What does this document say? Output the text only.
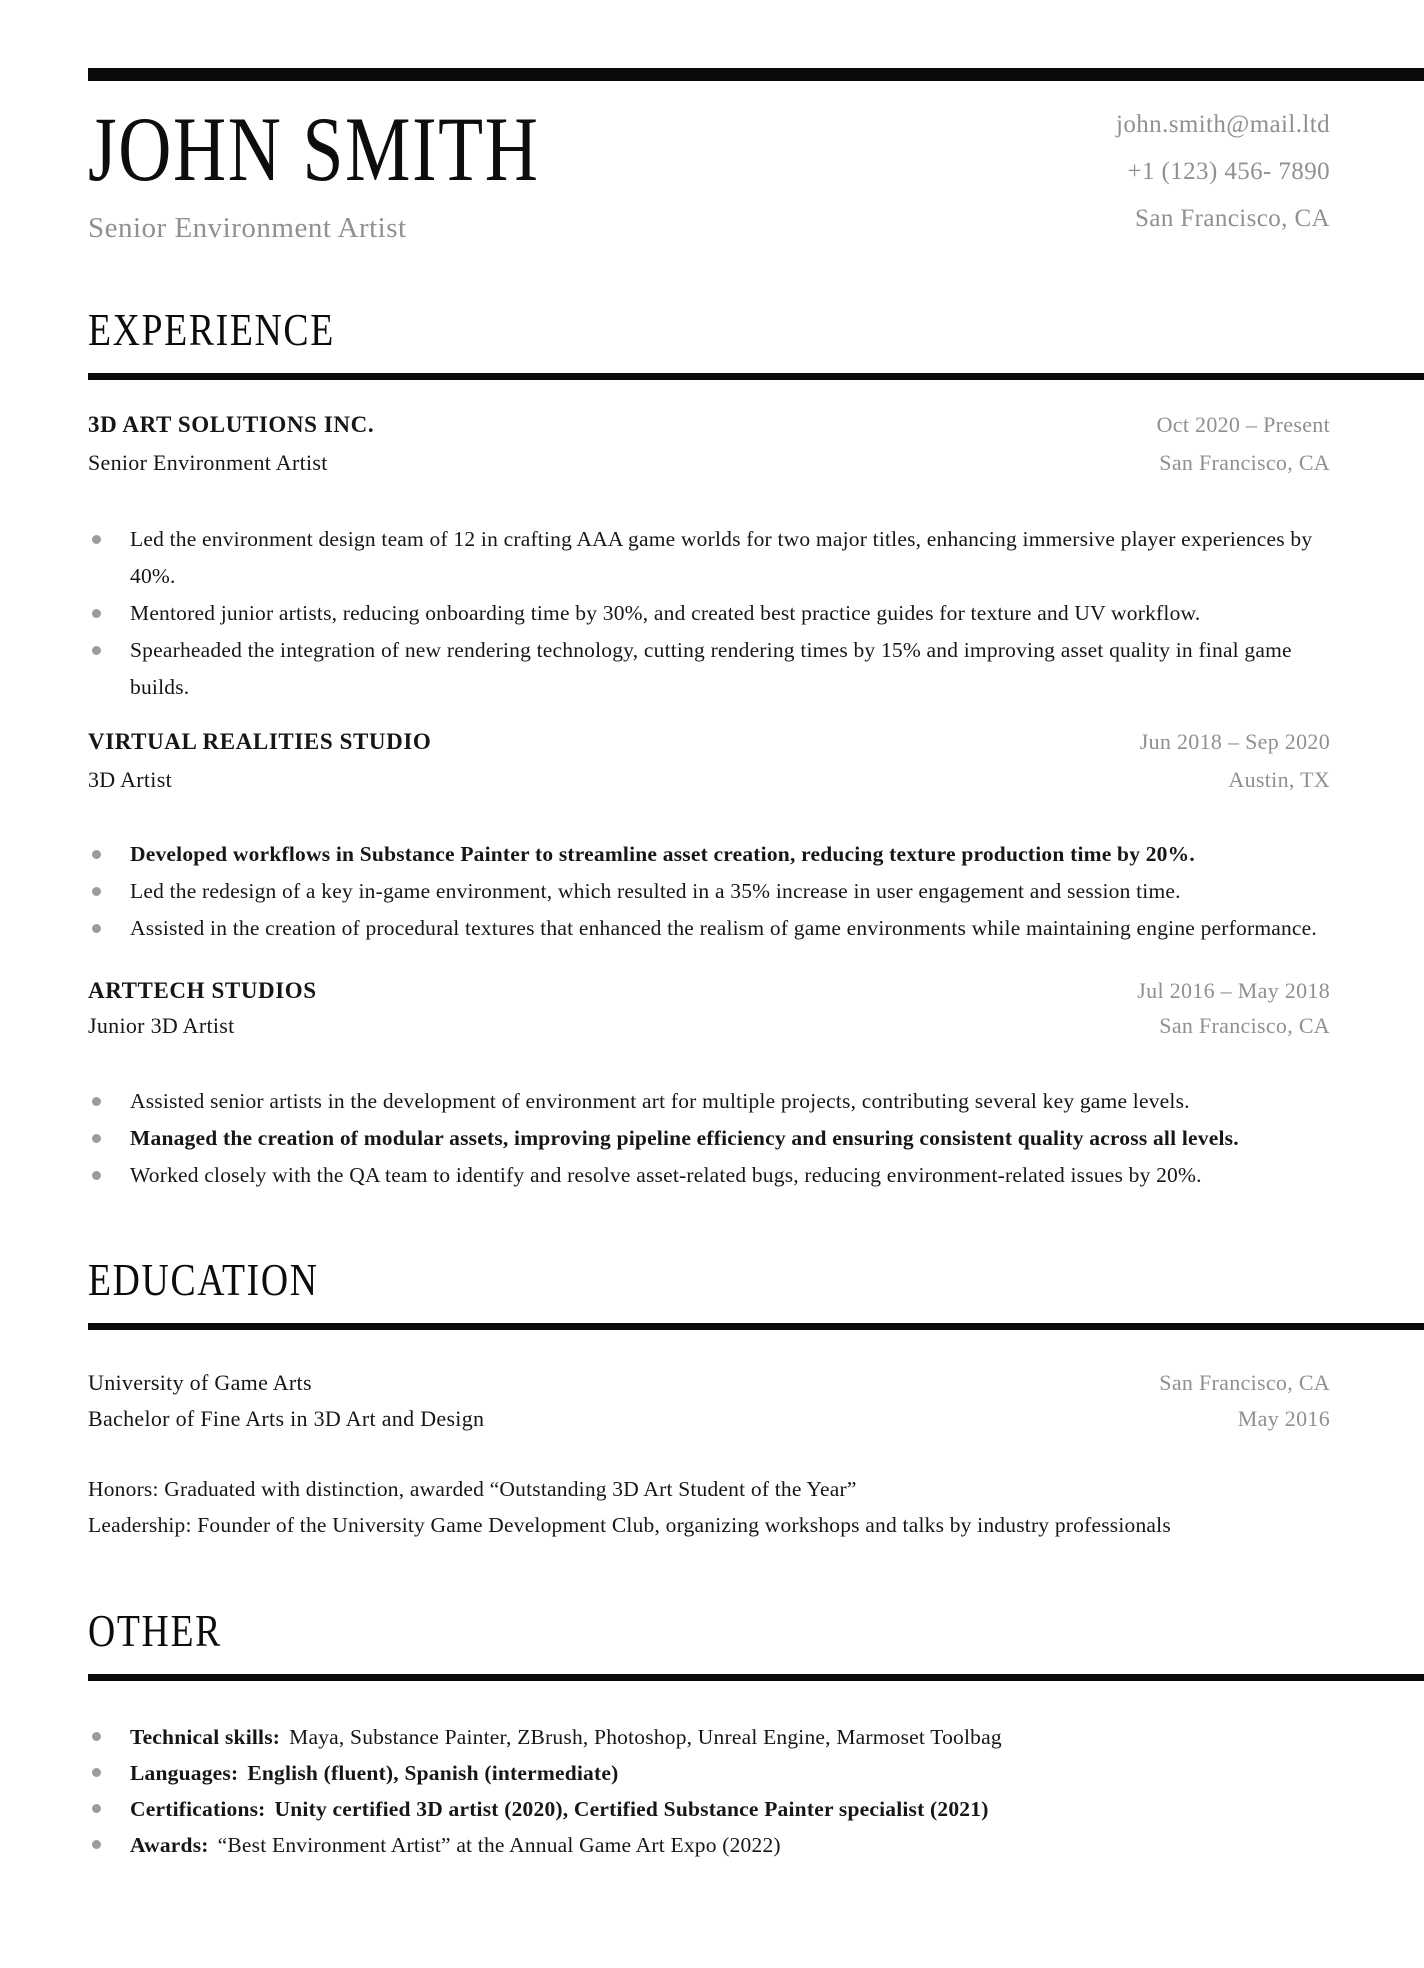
JOHN SMITH
Senior Environment Artist
john.smith@mail.ltd
+1 (123) 456- 7890
San Francisco, CA
EXPERIENCE
3D ART SOLUTIONS INC.	Oct 2020 – Present
Senior Environment Artist	San Francisco, CA
Led the environment design team of 12 in crafting AAA game worlds for two major titles, enhancing immersive player experiences by 40%.
Mentored junior artists, reducing onboarding time by 30%, and created best practice guides for texture and UV workflow.
Spearheaded the integration of new rendering technology, cutting rendering times by 15% and improving asset quality in final game builds.
VIRTUAL REALITIES STUDIO	Jun 2018 – Sep 2020
3D Artist	Austin, TX
Developed workflows in Substance Painter to streamline asset creation, reducing texture production time by 20%.
Led the redesign of a key in-game environment, which resulted in a 35% increase in user engagement and session time.
Assisted in the creation of procedural textures that enhanced the realism of game environments while maintaining engine performance.
ARTTECH STUDIOS	Jul 2016 – May 2018
Junior 3D Artist	San Francisco, CA
Assisted senior artists in the development of environment art for multiple projects, contributing several key game levels.
Managed the creation of modular assets, improving pipeline efficiency and ensuring consistent quality across all levels.
Worked closely with the QA team to identify and resolve asset-related bugs, reducing environment-related issues by 20%.
EDUCATION
University of Game Arts	San Francisco, CA
Bachelor of Fine Arts in 3D Art and Design	May 2016
Honors: Graduated with distinction, awarded “Outstanding 3D Art Student of the Year”
Leadership: Founder of the University Game Development Club, organizing workshops and talks by industry professionals
OTHER
Technical skills: Maya, Substance Painter, ZBrush, Photoshop, Unreal Engine, Marmoset Toolbag
Languages: English (fluent), Spanish (intermediate)
Certifications: Unity certified 3D artist (2020), Certified Substance Painter specialist (2021)
Awards: “Best Environment Artist” at the Annual Game Art Expo (2022)
